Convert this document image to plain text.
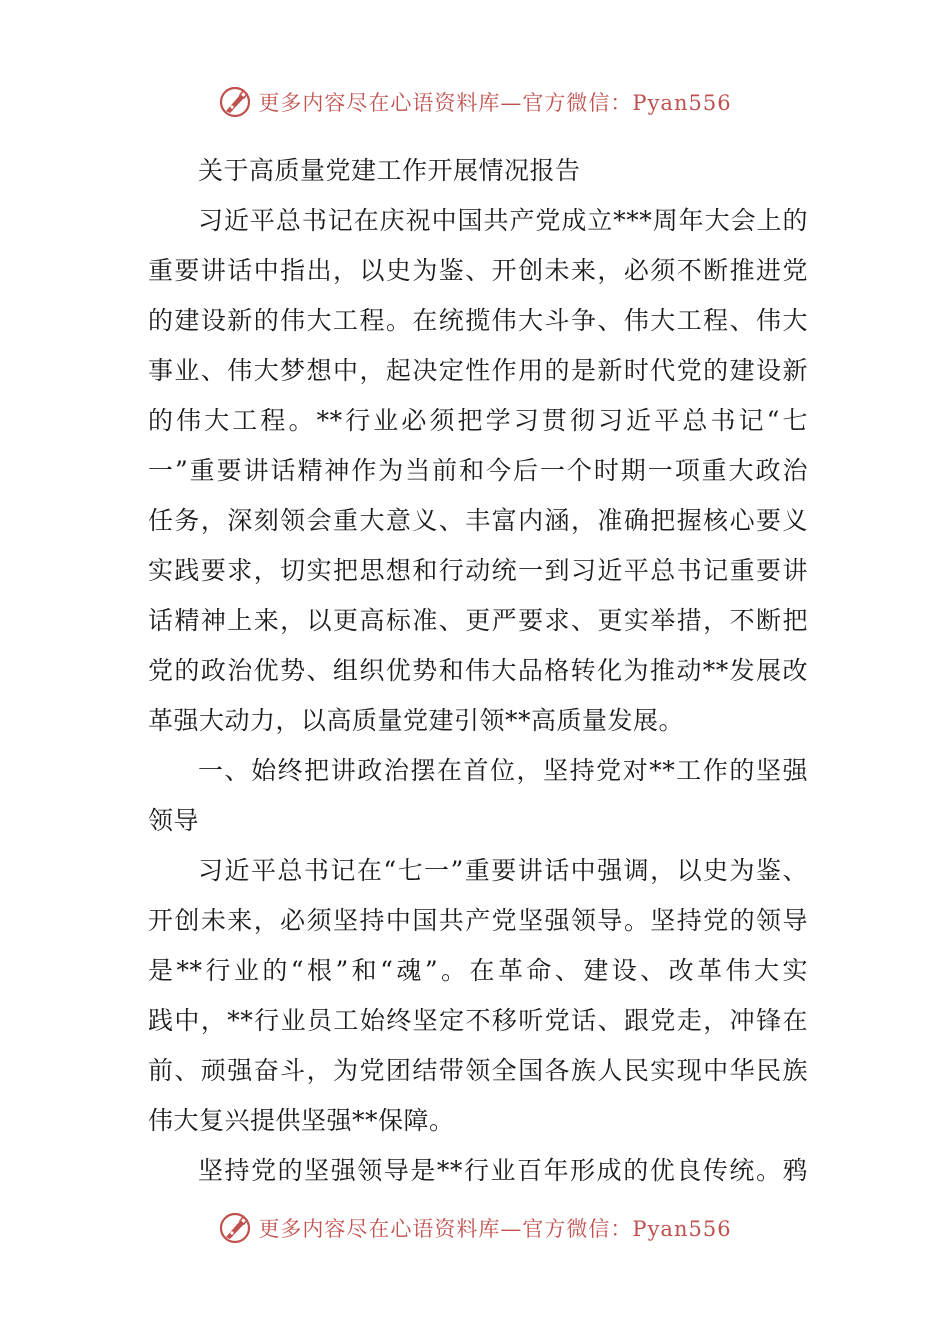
更多内容尽在心语资料库—官方微信：Pyan556
关于高质量党建工作开展情况报告
习近平总书记在庆祝中国共产党成立***周年大会上的
重要讲话中指出，以史为鉴、开创未来，必须不断推进党
的建设新的伟大工程。在统揽伟大斗争、伟大工程、伟大
事业、伟大梦想中，起决定性作用的是新时代党的建设新
的伟大工程。**行业必须把学习贯彻习近平总书记“七
一”重要讲话精神作为当前和今后一个时期一项重大政治
任务，深刻领会重大意义、丰富内涵，准确把握核心要义
实践要求，切实把思想和行动统一到习近平总书记重要讲
话精神上来，以更高标准、更严要求、更实举措，不断把
党的政治优势、组织优势和伟大品格转化为推动**发展改
革强大动力，以高质量党建引领**高质量发展。
一、始终把讲政治摆在首位，坚持党对**工作的坚强
领导
习近平总书记在“七一”重要讲话中强调，以史为鉴、
开创未来，必须坚持中国共产党坚强领导。坚持党的领导
是**行业的“根”和“魂”。在革命、建设、改革伟大实
践中，**行业员工始终坚定不移听党话、跟党走，冲锋在
前、顽强奋斗，为党团结带领全国各族人民实现中华民族
伟大复兴提供坚强**保障。
坚持党的坚强领导是**行业百年形成的优良传统。鸦
更多内容尽在心语资料库—官方微信：Pyan556
